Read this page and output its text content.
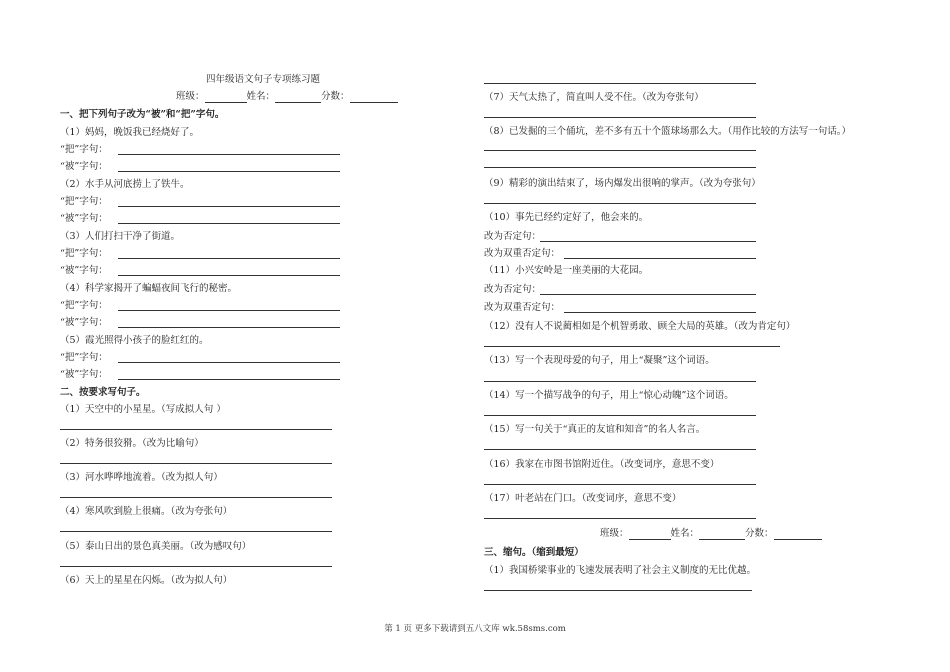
四年级语文句子专项练习题
班级：	姓名：	分数：
一、把下列句子改为“被”和“把”字句。
（1）妈妈，晚饭我已经烧好了。
“把”字句：
“被”字句：
（2）水手从河底捞上了铁牛。
“把”字句：
“被”字句：
（3）人们打扫干净了街道。
“把”字句：
“被”字句：
（4）科学家揭开了蝙蝠夜间飞行的秘密。
“把”字句：
“被”字句：
（5）霞光照得小孩子的脸红红的。
“把”字句：
“被”字句：
二、按要求写句子。
（1）天空中的小星星。（写成拟人句 ）
（2）特务很狡猾。（改为比喻句）
（3）河水哗哗地流着。（改为拟人句）
（4）寒风吹到脸上很痛。（改为夸张句）
（5）泰山日出的景色真美丽。（改为感叹句）
（6）天上的星星在闪烁。（改为拟人句）
（7）天气太热了，简直叫人受不住。（改为夸张句）
（8）已发掘的三个俑坑，差不多有五十个篮球场那么大。（用作比较的方法写一句话。）
（9）精彩的演出结束了，场内爆发出很响的掌声。（改为夸张句）
（10）事先已经约定好了，他会来的。
改为否定句：
改为双重否定句：
（11）小兴安岭是一座美丽的大花园。
改为否定句：
改为双重否定句：
（12）没有人不说蔺相如是个机智勇敢、顾全大局的英雄。（改为肯定句）
（13）写一个表现母爱的句子，用上“凝聚”这个词语。
（14）写一个描写战争的句子，用上“惊心动魄”这个词语。
（15）写一句关于“真正的友谊和知音”的名人名言。
（16）我家在市图书馆附近住。（改变词序，意思不变）
（17）叶老站在门口。（改变词序，意思不变）
班级：	姓名：	分数：
三、缩句。（缩到最短）
（1）我国桥梁事业的飞速发展表明了社会主义制度的无比优越。
第 1 页 更多下载请到五八文库 wk.58sms.com
